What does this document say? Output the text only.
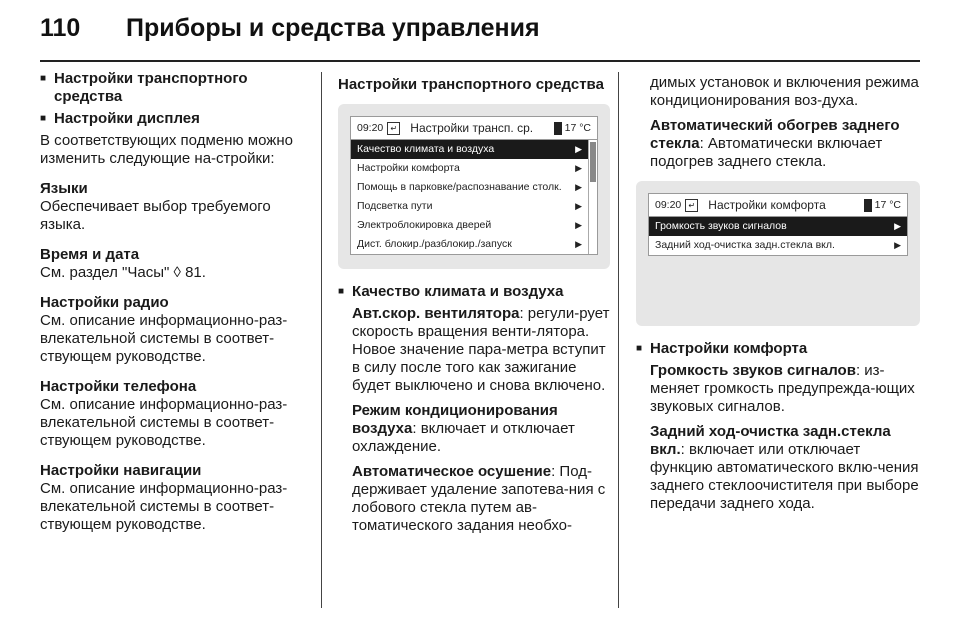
110 Приборы и средства управления

■ Настройки транспортного средства

■ Настройки дисплея

В соответствующих подменю можно изменить следующие на-стройки:

Языки

Обеспечивает выбор требуемого языка.

Время и дата

См. раздел "Часы" ◊ 81.

Настройки радио

См. описание информационно-раз-влекательной системы в соответ-ствующем руководстве.

Настройки телефона

См. описание информационно-раз-влекательной системы в соответ-ствующем руководстве.

Настройки навигации

См. описание информационно-раз-влекательной системы в соответ-ствующем руководстве.

Настройки транспортного средства
09:20 ↵ Настройки трансп. ср.	17 °C
Качество климата и воздуха	▶
Настройки комфорта	▶
Помощь в парковке/распознавание столк. ▶
Подсветка пути	▶
Электроблокировка дверей	▶
Дист. блокир./разблокир./запуск	▶

■ Качество климата и воздуха

Авт.скор. вентилятора: регули-рует скорость вращения венти-лятора. Новое значение пара-метра вступит в силу после того как зажигание будет выключено и снова включено.

Режим кондиционирования воздуха: включает и отключает охлаждение.

Автоматическое осушение: Под-держивает удаление запотева-ния с лобового стекла путем ав-томатического задания необхо-

димых установок и включения режима кондиционирования воз-духа.

Автоматический обогрев заднего стекла: Автоматически включает подогрев заднего стекла.

09:20 ↵ Настройки комфорта	17 °C
Громкость звуков сигналов	▶
Задний ход-очистка задн.стекла вкл.	▶

■ Настройки комфорта

Громкость звуков сигналов: из-меняет громкость предупрежда-ющих звуковых сигналов.

Задний ход-очистка задн.стекла вкл.: включает или отключает функцию автоматического вклю-чения заднего стеклоочистителя при выборе передачи заднего хода.
